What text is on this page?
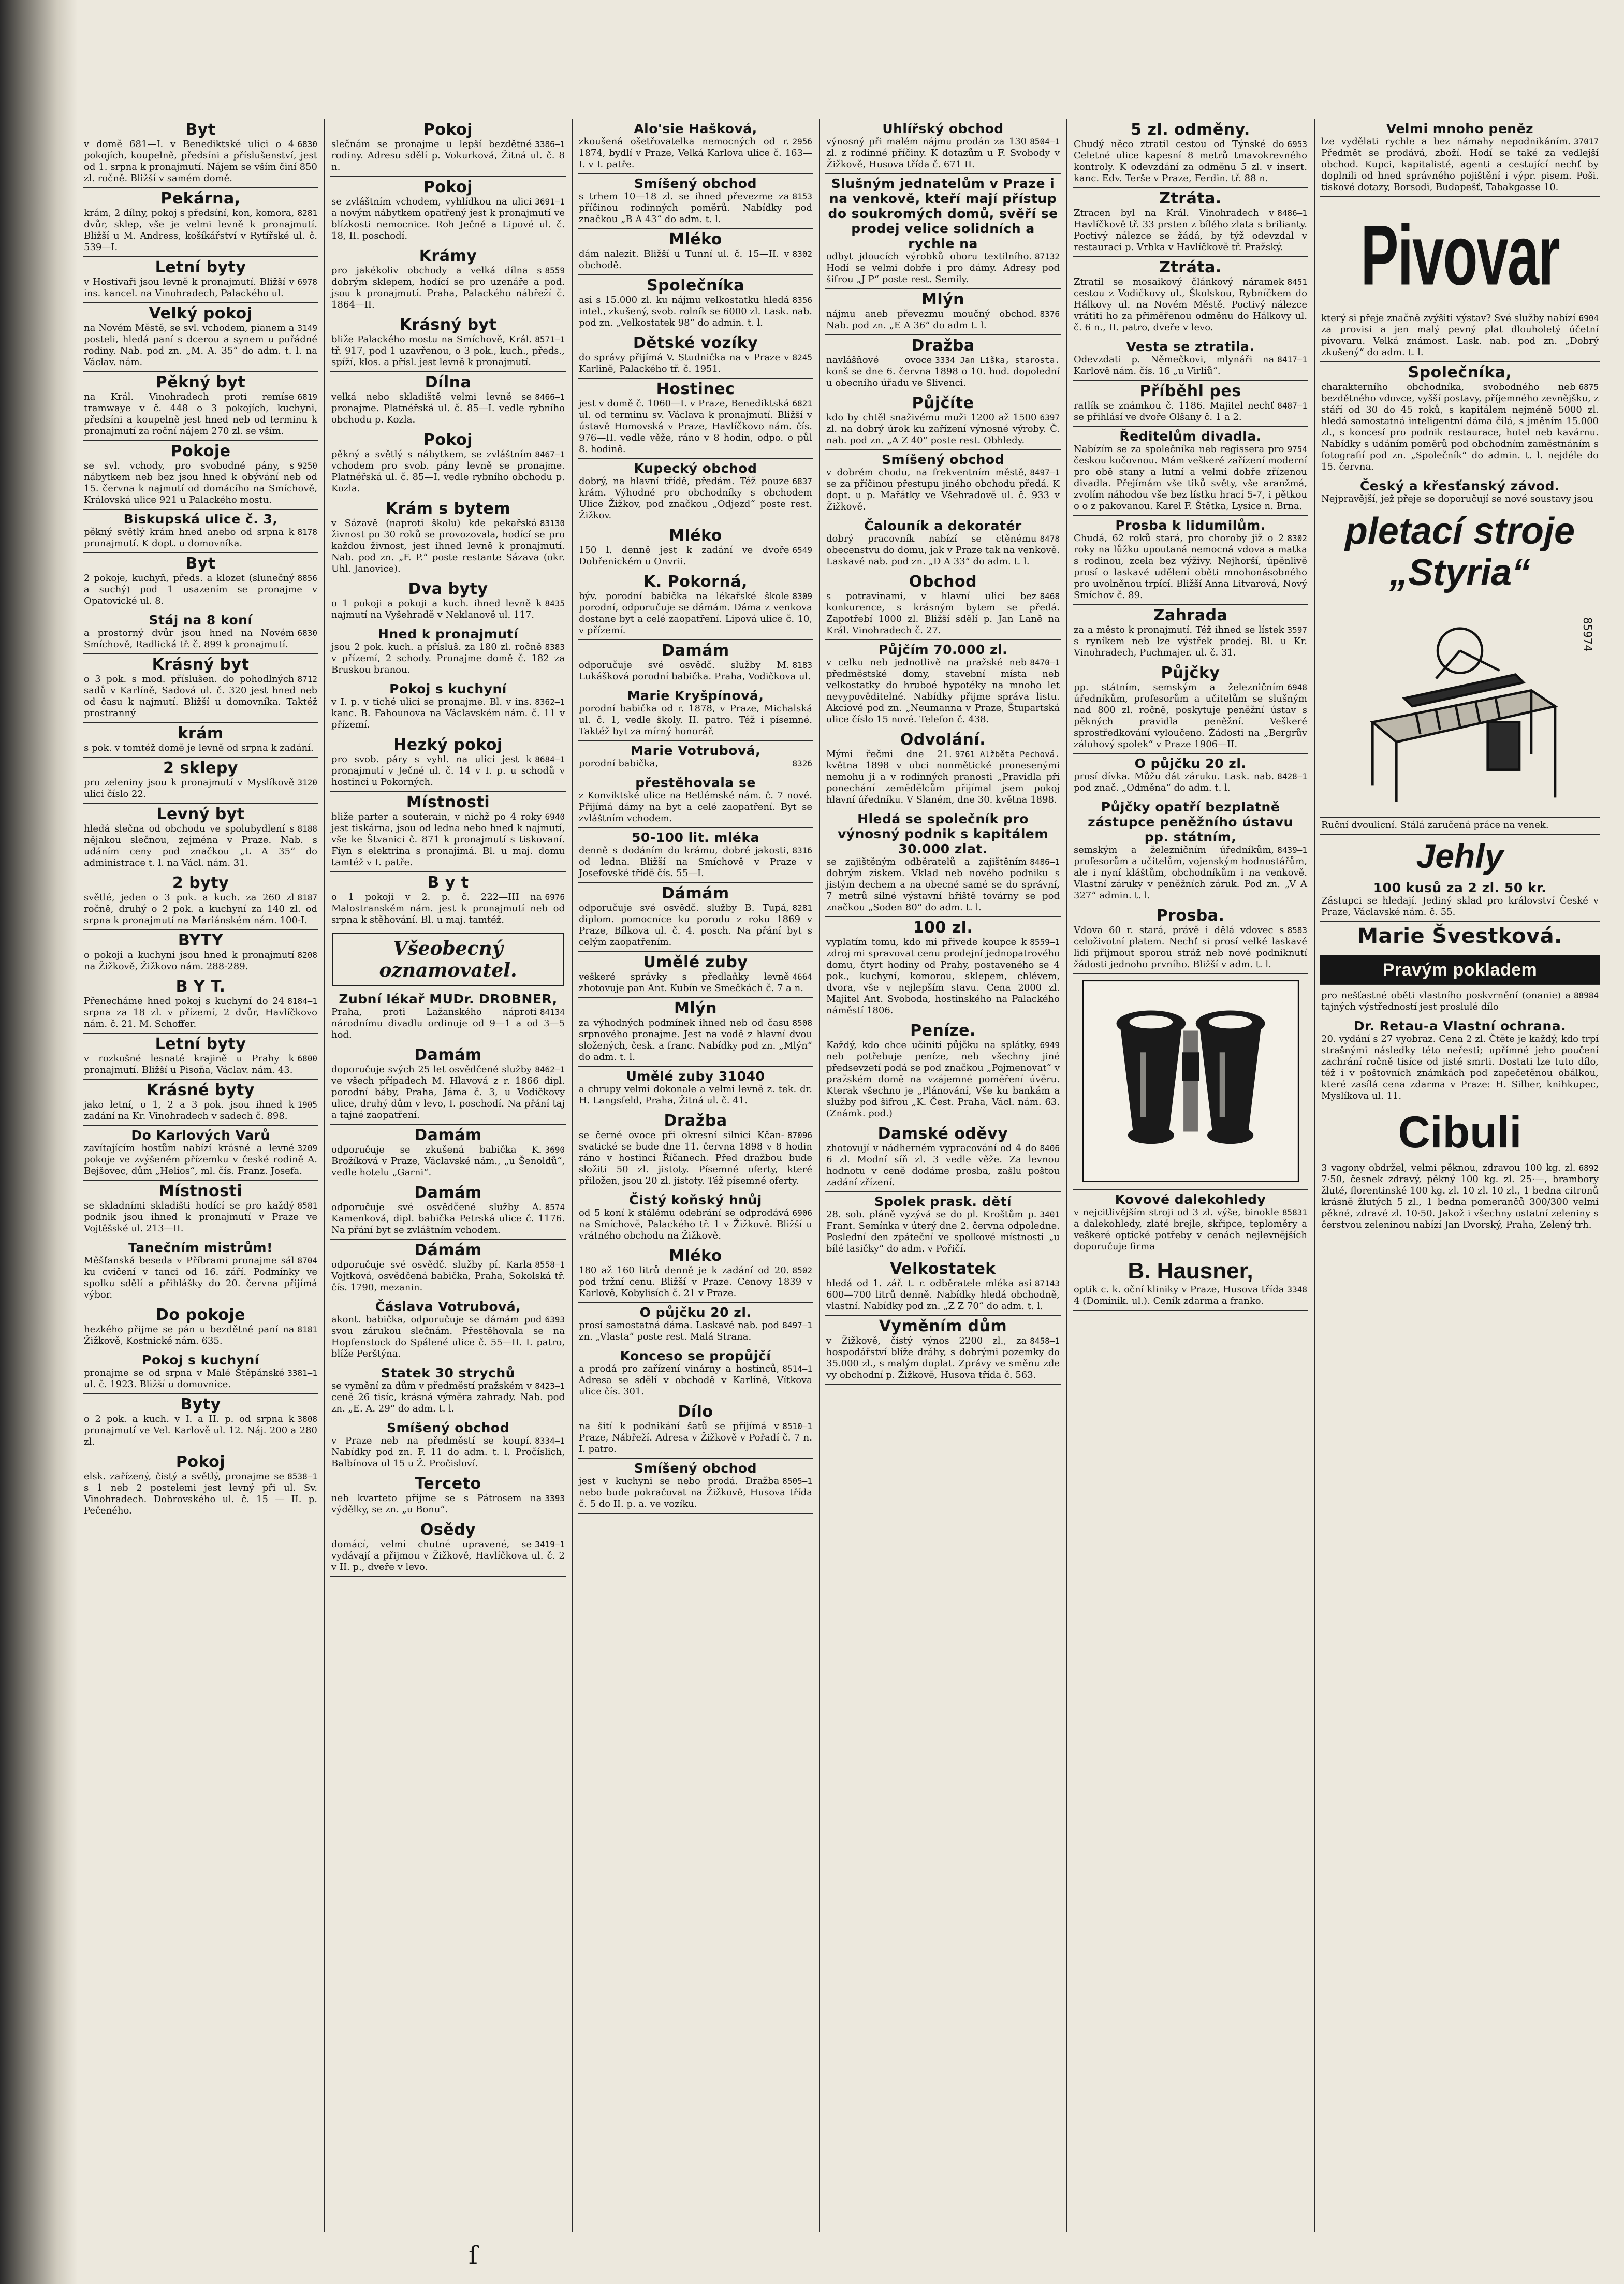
Byt
6830
v domě 681—I. v Benediktské ulici o 4 pokojích, koupelně, předsíni a příslušenství, jest od 1. srpna k pronajmutí. Nájem se vším činí 850 zl. ročně. Bližší v samém domě.
Pekárna,
8281
krám, 2 dílny, pokoj s předsíní, kon, komora, dvůr, sklep, vše je velmi levně k pronajmutí. Bližší u M. Andress, košíkářství v Rytířské ul. č. 539—I.
Letní byty
6978
v Hostivaři jsou levně k pronajmutí. Bližší v ins. kancel. na Vinohradech, Palackého ul.
Velký pokoj
3149
na Novém Městě, se svl. vchodem, pianem a posteli, hledá paní s dcerou a synem u pořádné rodiny. Nab. pod zn. „M. A. 35“ do adm. t. l. na Václav. nám.
Pěkný byt
6819
na Král. Vinohradech proti remíse tramwaye v č. 448 o 3 pokojích, kuchyni, předsíni a koupelně jest hned neb od terminu k pronajmutí za roční nájem 270 zl. se vším.
Pokoje
9250
se svl. vchody, pro svobodné pány, s nábytkem neb bez jsou hned k obývání neb od 15. června k najmutí od domácího na Smíchově, Královská ulice 921 u Palackého mostu.
Biskupská ulice č. 3,
8178
pěkný světlý krám hned anebo od srpna k pronajmutí. K dopt. u domovníka.
Byt
8856
2 pokoje, kuchyň, předs. a klozet (slunečný a suchý) pod 1 usazením se pronajme v Opatovické ul. 8.
Stáj na 8 koní
6830
a prostorný dvůr jsou hned na Novém Smíchově, Radlická tř. č. 899 k pronajmutí.
Krásný byt
8712
o 3 pok. s mod. příslušen. do pohodlných sadů v Karlíně, Sadová ul. č. 320 jest hned neb od času k najmutí. Bližší u domovníka. Taktéž prostranný
krám
s pok. v tomtéž domě je levně od srpna k zadání.
2 sklepy
3120
pro zeleniny jsou k pronajmutí v Myslíkově ulici číslo 22.
Levný byt
8188
hledá slečna od obchodu ve spolubydlení s nějakou slečnou, zejména v Praze. Nab. s udáním ceny pod značkou „L A 35“ do administrace t. l. na Václ. nám. 31.
2 byty
8187
světlé, jeden o 3 pok. a kuch. za 260 zl ročně, druhý o 2 pok. a kuchyní za 140 zl. od srpna k pronajmutí na Mariánském nám. 100-I.
BYTY
8208
o pokoji a kuchyni jsou hned k pronajmutí na Žižkově, Žižkovo nám. 288-289.
B Y T.
8184—1
Přenecháme hned pokoj s kuchyní do 24 srpna za 18 zl. v přízemí, 2 dvůr, Havlíčkovo nám. č. 21. M. Schoffer.
Letní byty
6800
v rozkošné lesnaté krajině u Prahy k pronajmutí. Bližší u Pisoňa, Václav. nám. 43.
Krásné byty
1905
jako letní, o 1, 2 a 3 pok. jsou ihned k zadání na Kr. Vinohradech v sadech č. 898.
Do Karlových Varů
3209
zavítajícím hostům nabízí krásné a levné pokoje ve zvýšeném přízemku v české rodině A. Bejšovec, dům „Helios“, ml. čís. Franz. Josefa.
Místnosti
8581
se skladními skladišti hodící se pro každý podnik jsou ihned k pronajmutí v Praze ve Vojtěšské ul. 213—II.
Tanečním mistrům!
8704
Měšťanská beseda v Příbrami pronajme sál ku cvičení v tanci od 16. září. Podmínky ve spolku sdělí a přihlášky do 20. června přijímá výbor.
Do pokoje
8181
hezkého přijme se pán u bezdětné paní na Žižkově, Kostnické nám. 635.
Pokoj s kuchyní
3381—1
pronajme se od srpna v Malé Štěpánské ul. č. 1923. Bližší u domovnice.
Byty
3808
o 2 pok. a kuch. v I. a II. p. od srpna k pronajmutí ve Vel. Karlově ul. 12. Náj. 200 a 280 zl.
Pokoj
8538—1
elsk. zařízený, čistý a světlý, pronajme se s 1 neb 2 postelemi jest levný při ul. Sv. Vinohradech. Dobrovského ul. č. 15 — II. p. Pečeného.
Pokoj
3386—1
slečnám se pronajme u lepší bezdětné rodiny. Adresu sdělí p. Vokurková, Žitná ul. č. 8 n.
Pokoj
3691—1
se zvláštním vchodem, vyhlídkou na ulici a novým nábytkem opatřený jest k pronajmutí ve blízkosti nemocnice. Roh Ječné a Lipové ul. č. 18, II. poschodí.
Krámy
8559
pro jakékoliv obchody a velká dílna s dobrým sklepem, hodící se pro uzenáře a pod. jsou k pronajmutí. Praha, Palackého nábřeží č. 1864—II.
Krásný byt
8571—1
bliže Palackého mostu na Smíchově, Král. tř. 917, pod 1 uzavřenou, o 3 pok., kuch., předs., spíží, klos. a přísl. jest levně k pronajmutí.
Dílna
8466—1
velká nebo skladiště velmi levně se pronajme. Platnéřská ul. č. 85—I. vedle rybního obchodu p. Kozla.
Pokoj
8467—1
pěkný a světlý s nábytkem, se zvláštním vchodem pro svob. pány levně se pronajme. Platnéřská ul. č. 85—I. vedle rybního obchodu p. Kozla.
Krám s bytem
83130
v Sázavě (naproti školu) kde pekařská živnost po 30 roků se provozovala, hodící se pro každou živnost, jest ihned levně k pronajmutí. Nab. pod zn. „F. P.“ poste restante Sázava (okr. Uhl. Janovice).
Dva byty
8435
o 1 pokoji a pokoji a kuch. ihned levně k najmutí na Vyšehradě v Neklanově ul. 117.
Hned k pronajmutí
8383
jsou 2 pok. kuch. a přísluš. za 180 zl. ročně v přízemí, 2 schody. Pronajme domě č. 182 za Bruskou branou.
Pokoj s kuchyní
8362—1
v I. p. v tiché ulici se pronajme. Bl. v ins. kanc. B. Fahounova na Václavském nám. č. 11 v přízemí.
Hezký pokoj
8684—1
pro svob. páry s vyhl. na ulici jest k pronajmutí v Ječné ul. č. 14 v I. p. u schodů v hostinci u Pokorných.
Místnosti
6940
bliže parter a souterain, v nichž po 4 roky jest tiskárna, jsou od ledna nebo hned k najmutí, vše ke Štvanici č. 871 k pronajmutí s tiskovaní. Fiyn s elektrina s pronajimá. Bl. u maj. domu tamtéž v I. patře.
B y t
6976
o 1 pokoji v 2. p. č. 222—III na Malostranském nám. jest k pronajmutí neb od srpna k stěhování. Bl. u maj. tamtéž.
Všeobecný oznamovatel.
Zubní lékař MUDr. DROBNER,
84134
Praha, proti Lažanského náproti národnímu divadlu ordinuje od 9—1 a od 3—5 hod.
Damám
8462—1
doporučuje svých 25 let osvědčené služby ve všech případech M. Hlavová z r. 1866 dipl. porodní báby, Praha, Jáma č. 3, u Vodičkovy ulice, druhý dům v levo, I. poschodí. Na přání taj a tajné zaopatření.
Damám
3690
odporučuje se zkušená babička K. Brožíková v Praze, Václavské nám., „u Šenoldů“, vedle hotelu „Garni“.
Damám
8574
odporučuje své osvědčené služby A. Kamenková, dipl. babička Petrská ulice č. 1176. Na přání byt se zvláštním vchodem.
Dámám
8558—1
odporučuje své osvědč. služby pí. Karla Vojtková, osvědčená babička, Praha, Sokolská tř. čís. 1790, mezanin.
Čáslava Votrubová,
6393
akont. babička, odporučuje se dámám pod svou zárukou slečnám. Přestěhovala se na Hopfenstock do Spálené ulice č. 55—II. I. patro, blíže Perštýna.
Statek 30 strychů
8423—1
se vymění za dům v předměstí pražském v ceně 26 tisíc, krásná výměra zahrady. Nab. pod zn. „E. A. 29“ do adm. t. l.
Smíšený obchod
8334—1
v Praze neb na předměstí se koupí. Nabídky pod zn. F. 11 do adm. t. l. Pročíslich, Balbínova ul 15 u Ž. Pročisloví.
Terceto
3393
neb kvarteto přijme se s Pátrosem na výdělky, se zn. „u Bonu“.
Osědy
3419—1
domácí, velmi chutné upravené, se vydávají a přijmou v Žižkově, Havlíčkova ul. č. 2 v II. p., dveře v levo.
Alo'sie Hašková,
2956
zkoušená ošetřovatelka nemocných od r. 1874, bydlí v Praze, Velká Karlova ulice č. 163—I. v I. patře.
Smíšený obchod
8153
s trhem 10—18 zl. se ihned převezme za příčinou rodinných poměrů. Nabídky pod značkou „B A 43“ do adm. t. l.
Mléko
8302
dám nalezit. Bližší u Tunní ul. č. 15—II. v obchodě.
Společníka
8356
asi s 15.000 zl. ku nájmu velkostatku hledá intel., zkušený, svob. rolník se 6000 zl. Lask. nab. pod zn. „Velkostatek 98“ do admin. t. l.
Dětské vozíky
8245
do správy přijímá V. Studnička na v Praze v Karlině, Palackého tř. č. 1951.
Hostinec
6821
jest v domě č. 1060—I. v Praze, Benediktská ul. od terminu sv. Václava k pronajmutí. Bližší v ústavě Homovská v Praze, Havlíčkovo nám. čís. 976—II. vedle věže, ráno v 8 hodin, odpo. o půl 8. hodině.
Kupecký obchod
6837
dobrý, na hlavní třídě, předám. Též pouze krám. Výhodné pro obchodníky s obchodem Ulice Žižkov, pod značkou „Odjezd“ poste rest. Žižkov.
Mléko
6549
150 l. denně jest k zadání ve dvoře Dobřenickém u Onvrii.
K. Pokorná,
8309
býv. porodní babička na lékařské škole porodní, odporučuje se dámám. Dáma z venkova dostane byt a celé zaopatření. Lipová ulice č. 10, v přízemí.
Damám
8183
odporučuje své osvědč. služby M. Lukášková porodní babička. Praha, Vodičkova ul.
Marie Kryšpínová,
porodní babička od r. 1878, v Praze, Michalská ul. č. 1, vedle školy. II. patro. Též i písemné. Taktéž byt za mírný honorář.
Marie Votrubová,
8326
porodní babička,
přestěhovala se
z Konviktské ulice na Betlémské nám. č. 7 nové. Přijímá dámy na byt a celé zaopatření. Byt se zvláštním vchodem.
50-100 lit. mléka
8316
denně s dodáním do krámu, dobré jakosti, od ledna. Bližší na Smíchově v Praze v Josefovské třídě čís. 55—I.
Dámám
8281
odporučuje své osvědč. služby B. Tupá, diplom. pomocníce ku porodu z roku 1869 v Praze, Bílkova ul. č. 4. posch. Na přání byt s celým zaopatřením.
Umělé zuby
4664
veškeré správky s předlaňky levně zhotovuje pan Ant. Kubín ve Smečkách č. 7 a n.
Mlýn
8508
za výhodných podmínek ihned neb od času srpnového pronajme. Jest na vodě z hlavní dvou složených, česk. a franc. Nabídky pod zn. „Mlýn“ do adm. t. l.
Umělé zuby 31040
a chrupy velmi dokonale a velmi levně z. tek. dr. H. Langsfeld, Praha, Žitná ul. č. 41.
Dražba
87096
se černé ovoce při okresní silnici Kčan-svatické se bude dne 11. června 1898 v 8 hodin ráno v hostinci Říčanech. Před dražbou bude složiti 50 zl. jistoty. Písemné oferty, které přiložen, jsou 20 zl. jistoty. Též písemné oferty.
Čistý koňský hnůj
6906
od 5 koní k stálému odebrání se odprodává na Smíchově, Palackého tř. 1 v Žižkově. Bližší u vrátného obchodu na Žižkově.
Mléko
8502
180 až 160 litrů denně je k zadání od 20. pod tržní cenu. Bližší v Praze. Cenovy 1839 v Karlově, Kobylisích č. 21 v Praze.
O půjčku 20 zl.
8497—1
prosí samostatná dáma. Laskavé nab. pod zn. „Vlasta“ poste rest. Malá Strana.
Konceso se propůjčí
8514—1
a prodá pro zařízení vinárny a hostinců, Adresa se sdělí v obchodě v Karlíně, Vítkova ulice čís. 301.
Dílo
8510—1
na šití k podnikání šatů se přijímá v Praze, Nábřeží. Adresa v Žižkově v Pořadí č. 7 n. I. patro.
Smíšený obchod
8505—1
jest v kuchyni se nebo prodá. Dražba nebo bude pokračovat na Žižkově, Husova třída č. 5 do II. p. a. ve vozíku.
Uhlířský obchod
8504—1
výnosný při malém nájmu prodán za 130 zl. z rodinné příčiny. K dotazům u F. Svobody v Žižkově, Husova třída č. 671 II.
Slušným jednatelům v Praze i na venkově, kteří mají přístup do soukromých domů, svěří se prodej velice solidních a rychle na
87132
odbyt jdoucích výrobků oboru textilního. Hodí se velmi dobře i pro dámy. Adresy pod šifrou „J P“ poste rest. Semily.
Mlýn
8376
nájmu aneb převezmu moučný obchod. Nab. pod zn. „E A 36“ do adm t. l.
Dražba
3334 Jan Liška, starosta.
navlášňové ovoce konš se dne 6. června 1898 o 10. hod. dopolední u obecního úřadu ve Slivenci.
Půjčíte
6397
kdo by chtěl snaživému muži 1200 až 1500 zl. na dobrý úrok ku zařízení výnosné výroby. Č. nab. pod zn. „A Z 40“ poste rest. Obhledy.
Smíšený obchod
8497—1
v dobrém chodu, na frekventním městě, se za příčinou přestupu jiného obchodu předá. K dopt. u p. Mařátky ve Všehradově ul. č. 933 v Žižkově.
Čalouník a dekoratér
8478
dobrý pracovník nabízí se ctěnému obecenstvu do domu, jak v Praze tak na venkově. Laskavé nab. pod zn. „D A 33“ do adm. t. l.
Obchod
8468
s potravinami, v hlavní ulici bez konkurence, s krásným bytem se předá. Zapotřebí 1000 zl. Bližší sdělí p. Jan Laně na Král. Vinohradech č. 27.
Půjčím 70.000 zl.
8470—1
v celku neb jednotlivě na pražské neb předměstské domy, stavební místa neb velkostatky do hruboé hypotéky na mnoho let nevypověditelné. Nabídky přijme správa listu. Akciové pod zn. „Neumanna v Praze, Štupartská ulice číslo 15 nové. Telefon č. 438.
Odvolání.
9761 Alžběta Pechová.
Mými řečmi dne 21. května 1898 v obci nonmětické pronesenými nemohu ji a v rodinných pranosti „Pravidla při ponechání zemědělcům přijímal jsem pokoj hlavní úředníku. V Slaném, dne 30. května 1898.
Hledá se společník pro výnosný podnik s kapitálem 30.000 zlat.
8486—1
se zajištěným odběratelů a zajištěním dobrým ziskem. Vklad neb nového podniku s jistým dechem a na obecné samé se do správní, 7 metrů silné výstavní hřiště továrny se pod značkou „Soden 80“ do adm. t. l.
100 zl.
8559—1
vyplatím tomu, kdo mi přivede koupce k zdroj mi spravovat cenu prodejní jednopatrového domu, čtyrt hodiny od Prahy, postaveného se 4 pok., kuchyní, komorou, sklepem, chlévem, dvora, vše v nejlepším stavu. Cena 2000 zl. Majitel Ant. Svoboda, hostinského na Palackého náměstí 1806.
Peníze.
6949
Každý, kdo chce učiniti půjčku na splátky, neb potřebuje peníze, neb všechny jiné předsevzetí podá se pod značkou „Pojmenovat“ v pražském domě na vzájemné poměření úvěru. Kterak všechno je „Plánování, Vše ku bankám a služby pod šifrou „K. Čest. Praha, Václ. nám. 63. (Známk. pod.)
Damské oděvy
8406
zhotovují v nádherném vypracování od 4 do 6 zl. Modní síň zl. 3 vedle věže. Za levnou hodnotu v ceně dodáme prosba, zašlu poštou zadání zřízení.
Spolek prask. dětí
3401
28. sob. pláně vyzývá se do pl. Kroštům p. Frant. Semínka v úterý dne 2. června odpoledne. Poslední den zpáteční ve spolkové místnosti „u bílé lasičky“ do adm. v Pořičí.
Velkostatek
87143
hledá od 1. zář. t. r. odběratele mléka asi 600—700 litrů denně. Nabídky hledá obchodně, vlastní. Nabídky pod zn. „Z Z 70“ do adm. t. l.
Vyměním dům
8458—1
v Žižkově, čistý výnos 2200 zl., za hospodářství blíže dráhy, s dobrými pozemky do 35.000 zl., s malým doplat. Zprávy ve směnu zde vy obchodní p. Žižkově, Husova třída č. 563.
5 zl. odměny.
6953
Chudý něco ztratil cestou od Týnské do Celetné ulice kapesní 8 metrů tmavokrevného kontroly. K odevzdání za odměnu 5 zl. v insert. kanc. Edv. Terše v Praze, Ferdin. tř. 88 n.
Ztráta.
8486—1
Ztracen byl na Král. Vinohradech v Havlíčkově tř. 33 prsten z bílého zlata s brilianty. Poctivý nálezce se žádá, by týž odevzdal v restauraci p. Vrbka v Havlíčkově tř. Pražský.
Ztráta.
8451
Ztratil se mosaikový článkový náramek cestou z Vodičkovy ul., Školskou, Rybníčkem do Hálkovy ul. na Novém Městě. Poctivý nálezce vrátiti ho za přiměřenou odměnu do Hálkovy ul. č. 6 n., II. patro, dveře v levo.
Vesta se ztratila.
8417—1
Odevzdati p. Němečkovi, mlynáři na Karlově nám. čís. 16 „u Virliů“.
Příběhl pes
8487—1
ratlík se známkou č. 1186. Majitel nechť se přihlásí ve dvoře Olšany č. 1 a 2.
Ředitelům divadla.
9754
Nabízím se za společníka neb regissera pro českou kočovnou. Mám veškeré zařízení moderní pro obě stany a lutní a velmi dobře zřízenou divadla. Přejímám vše tiků světy, vše aranžmá, zvolím náhodou vše bez lístku hrací 5-7, i pětkou o o z pakovanou. Karel F. Štětka, Lysice n. Brna.
Prosba k lidumilům.
8302
Chudá, 62 roků stará, pro choroby již o 2 roky na lůžku upoutaná nemocná vdova a matka s rodinou, zcela bez výživy. Nejhorší, úpěnlivě prosí o laskavé udělení oběti mnohonásobného pro uvolněnou trpící. Bližší Anna Litvarová, Nový Smíchov č. 89.
Zahrada
3597
za a město k pronajmutí. Též ihned se lístek s ryníkem neb lze výstřek prodej. Bl. u Kr. Vinohradech, Puchmajer. ul. č. 31.
Půjčky
6948
pp. státním, semským a železničním úředníkům, profesorům a učitelům se slušným nad 800 zl. ročně, poskytuje peněžní ústav s pěkných pravidla peněžní. Veškeré sprostředkování vyloučeno. Žádosti na „Bergrův zálohový spolek“ v Praze 1906—II.
O půjčku 20 zl.
8428—1
prosí dívka. Můžu dát záruku. Lask. nab. pod znač. „Odměna“ do adm. t. l.
Půjčky opatří bezplatně zástupce peněžního ústavu pp. státním,
8439—1
semským a železničním úředníkům, profesorům a učitelům, vojenským hodnostářům, ale i nyní kláštům, obchodníkům i na venkově. Vlastní záruky v peněžních záruk. Pod zn. „V A 327“ admin. t. l.
Prosba.
8583
Vdova 60 r. stará, právě i dělá vdovec s celoživotní platem. Nechť si prosí velké laskavé lidi přijmout sporou stráž neb nové podniknutí žádosti jednoho prvního. Bližší v adm. t. l.
Kovové dalekohledy
85831
v nejcitlivějším stroji od 3 zl. výše, binokle a dalekohledy, zlaté brejle, skřipce, teploměry a veškeré optické potřeby v cenách nejlevnějších doporučuje firma
B. Hausner,
3348
optik c. k. oční kliniky v Praze, Husova třída 4 (Dominik. ul.). Ceník zdarma a franko.
Velmi mnoho peněz
37017
lze vydělati rychle a bez námahy nepodnikáním. Předmět se prodává, zboží. Hodí se také za vedlejší obchod. Kupci, kapitalisté, agenti a cestující nechť by doplnili od hned správného pojištění i výpr. pisem. Poši. tiskové dotazy, Borsodi, Budapešť, Tabakgasse 10.
Pivovar
6904
který si přeje značně zvýšiti výstav? Své služby nabízí za provisi a jen malý pevný plat dlouholetý účetní pivovaru. Velká známost. Lask. nab. pod zn. „Dobrý zkušený“ do adm. t. l.
Společníka,
6875
charakterního obchodníka, svobodného neb bezdětného vdovce, vyšší postavy, příjemného zevnějšku, z stáří od 30 do 45 roků, s kapitálem nejméně 5000 zl. hledá samostatná inteligentní dáma čilá, s jměním 15.000 zl., s koncesí pro podnik restaurace, hotel neb kavárnu. Nabídky s udáním poměrů pod obchodním zaměstnáním s fotografií pod zn. „Společník“ do admin. t. l. nejdéle do 15. června.
Český a křesťanský závod.
Nejpravější, jež přeje se doporučují se nové soustavy jsou
pletací stroje „Styria“
85974
Ruční dvoulicní. Stálá zaručená práce na venek.
Jehly
100 kusů za 2 zl. 50 kr.
Zástupci se hledají. Jediný sklad pro království České v Praze, Václavské nám. č. 55.
Marie Švestková.
Pravým pokladem
88984
pro nešťastné oběti vlastního poskvrnění (onanie) a tajných výstředností jest proslulé dílo
Dr. Retau-a Vlastní ochrana.
20. vydání s 27 vyobraz. Cena 2 zl. Čtěte je každý, kdo trpí strašnými následky této neřesti; upřímné jeho poučení zachrání ročně tisíce od jisté smrti. Dostati lze tuto dílo, též i v poštovních známkách pod zapečetěnou obálkou, které zasílá cena zdarma v Praze: H. Silber, knihkupec, Myslíkova ul. 11.
Cibuli
6892
3 vagony obdržel, velmi pěknou, zdravou 100 kg. zl. 7·50, česnek zdravý, pěkný 100 kg. zl. 25·—, brambory žluté, florentinské 100 kg. zl. 10 zl. 10 zl., 1 bedna citronů krásně žlutých 5 zl., 1 bedna pomerančů 300/300 velmi pěkné, zdravé zl. 10·50. Jakož i všechny ostatní zeleniny s čerstvou zeleninou nabízí Jan Dvorský, Praha, Zelený trh.
ſ
